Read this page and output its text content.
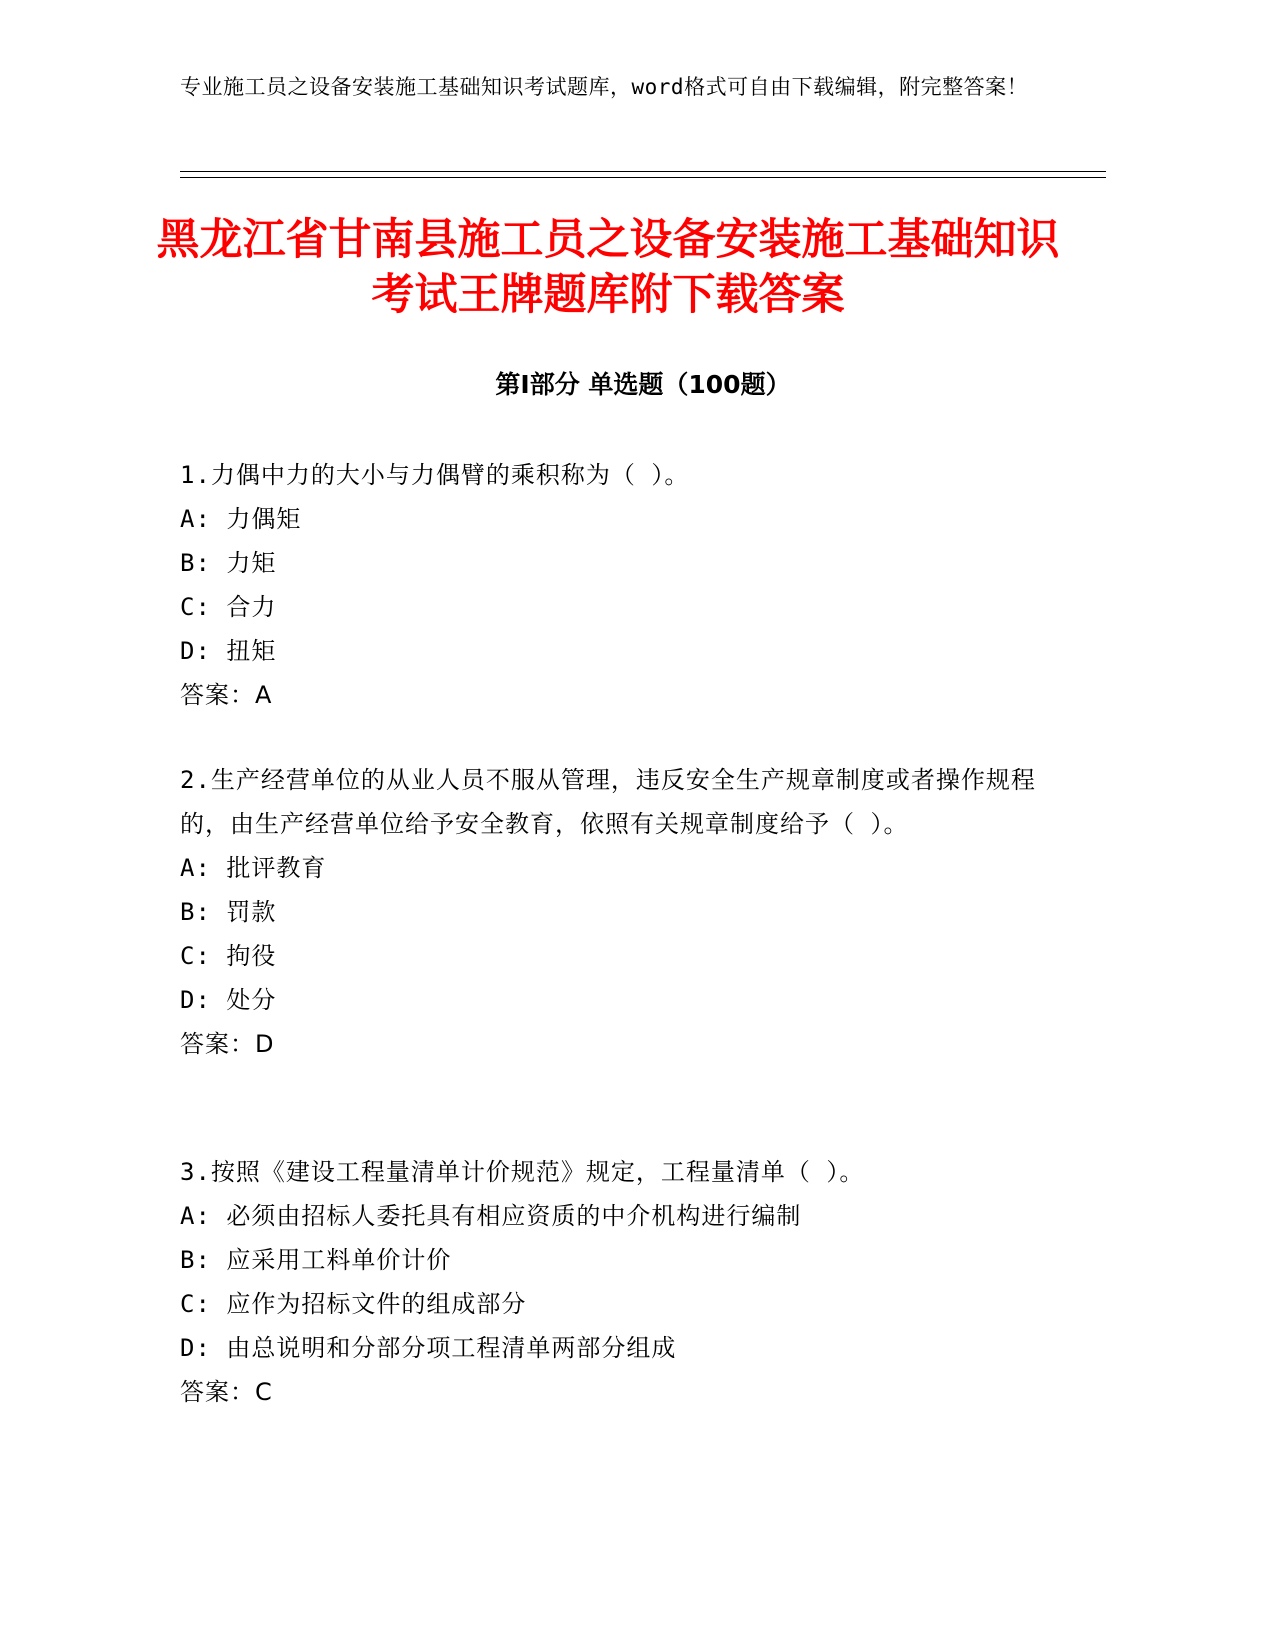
专业施工员之设备安装施工基础知识考试题库，word格式可自由下载编辑，附完整答案！
黑龙江省甘南县施工员之设备安装施工基础知识考试王牌题库附下载答案
第Ⅰ部分 单选题（100题）

1.力偶中力的大小与力偶臂的乘积称为（ ）。

A: 力偶矩

B: 力矩

C: 合力

D: 扭矩

答案：A

2.生产经营单位的从业人员不服从管理，违反安全生产规章制度或者操作规程的，由生产经营单位给予安全教育，依照有关规章制度给予（ ）。

A: 批评教育

B: 罚款

C: 拘役

D: 处分

答案：D

3.按照《建设工程量清单计价规范》规定，工程量清单（ ）。

A: 必须由招标人委托具有相应资质的中介机构进行编制

B: 应采用工料单价计价

C: 应作为招标文件的组成部分

D: 由总说明和分部分项工程清单两部分组成

答案：C
